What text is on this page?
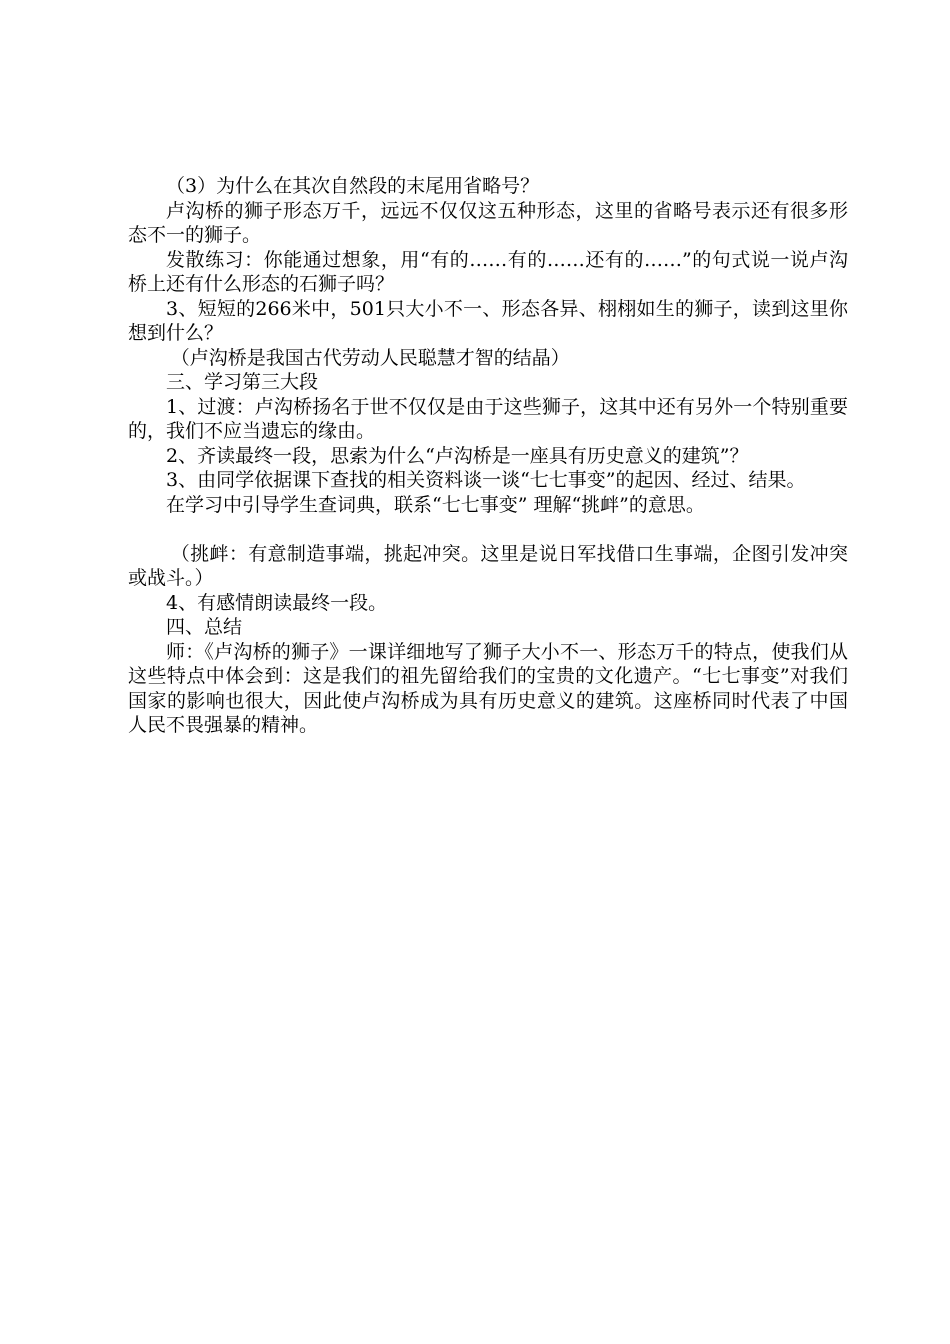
（3）为什么在其次自然段的末尾用省略号？

卢沟桥的狮子形态万千，远远不仅仅这五种形态，这里的省略号表示还有很多形态不一的狮子。

发散练习：你能通过想象，用“有的……有的……还有的……”的句式说一说卢沟桥上还有什么形态的石狮子吗？

3、短短的266米中，501只大小不一、形态各异、栩栩如生的狮子，读到这里你想到什么？

（卢沟桥是我国古代劳动人民聪慧才智的结晶）

三、学习第三大段

1、过渡：卢沟桥扬名于世不仅仅是由于这些狮子，这其中还有另外一个特别重要的，我们不应当遗忘的缘由。

2、齐读最终一段，思索为什么“卢沟桥是一座具有历史意义的建筑”？

3、由同学依据课下查找的相关资料谈一谈“七七事变”的起因、经过、结果。

在学习中引导学生查词典，联系“七七事变” 理解“挑衅”的意思。

（挑衅：有意制造事端，挑起冲突。这里是说日军找借口生事端，企图引发冲突或战斗。）

4、有感情朗读最终一段。

四、总结

师：《卢沟桥的狮子》一课详细地写了狮子大小不一、形态万千的特点，使我们从这些特点中体会到：这是我们的祖先留给我们的宝贵的文化遗产。“七七事变”对我们国家的影响也很大，因此使卢沟桥成为具有历史意义的建筑。这座桥同时代表了中国人民不畏强暴的精神。
